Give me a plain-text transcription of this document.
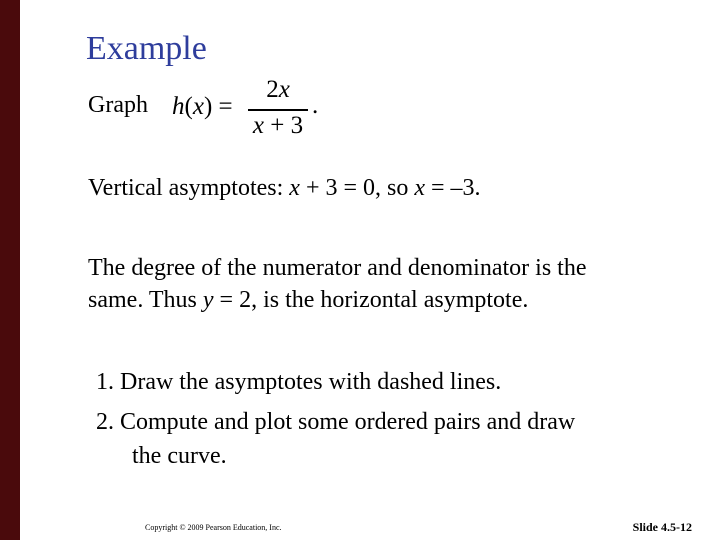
Example
Graph h(x) =
2x
x + 3
.
Vertical asymptotes: x + 3 = 0, so x = –3.
The degree of the numerator and denominator is the
same. Thus y = 2, is the horizontal asymptote.
1. Draw the asymptotes with dashed lines.
2. Compute and plot some ordered pairs and draw
the curve.
Copyright © 2009 Pearson Education, Inc.	Slide 4.5-12
